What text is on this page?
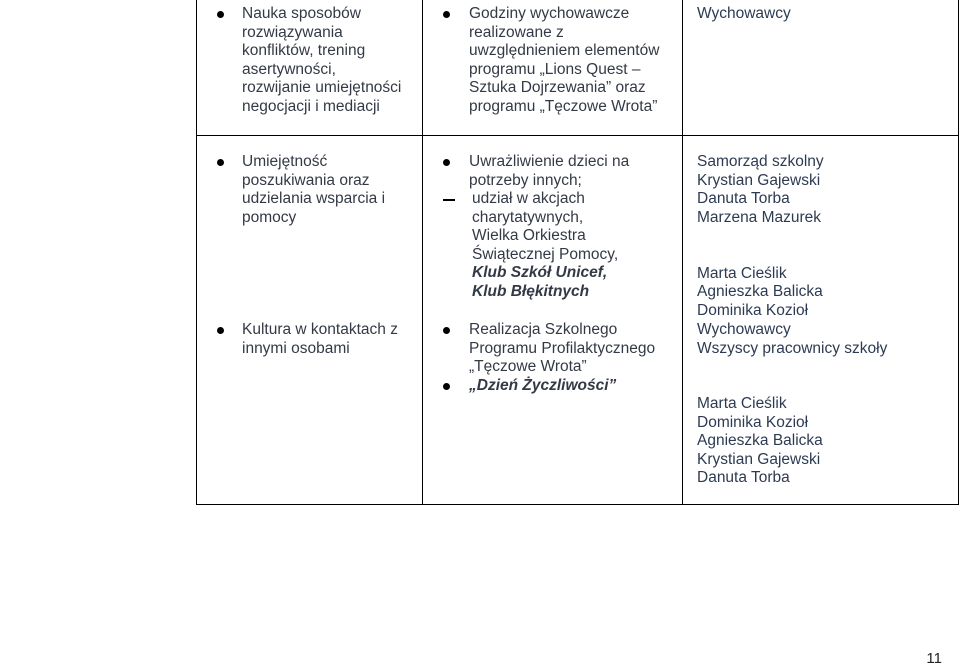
Nauka sposobów
rozwiązywania
konfliktów, trening
asertywności,
rozwijanie umiejętności
negocjacji i mediacji
Godziny wychowawcze
realizowane z
uwzględnieniem elementów
programu „Lions Quest –
Sztuka Dojrzewania” oraz
programu „Tęczowe Wrota”
Wychowawcy
Umiejętność
poszukiwania oraz
udzielania wsparcia i
pomocy
Kultura w kontaktach z
innymi osobami
Uwrażliwienie dzieci na
potrzeby innych;
udział w akcjach
charytatywnych,
Wielka Orkiestra
Świątecznej Pomocy,
Klub Szkół Unicef,
Klub Błękitnych
Realizacja Szkolnego
Programu Profilaktycznego
„Tęczowe Wrota”
„Dzień Życzliwości”
Samorząd szkolny
Krystian Gajewski
Danuta Torba
Marzena Mazurek
Marta Cieślik
Agnieszka Balicka
Dominika Kozioł
Wychowawcy
Wszyscy pracownicy szkoły
Marta Cieślik
Dominika Kozioł
Agnieszka Balicka
Krystian Gajewski
Danuta Torba
11
